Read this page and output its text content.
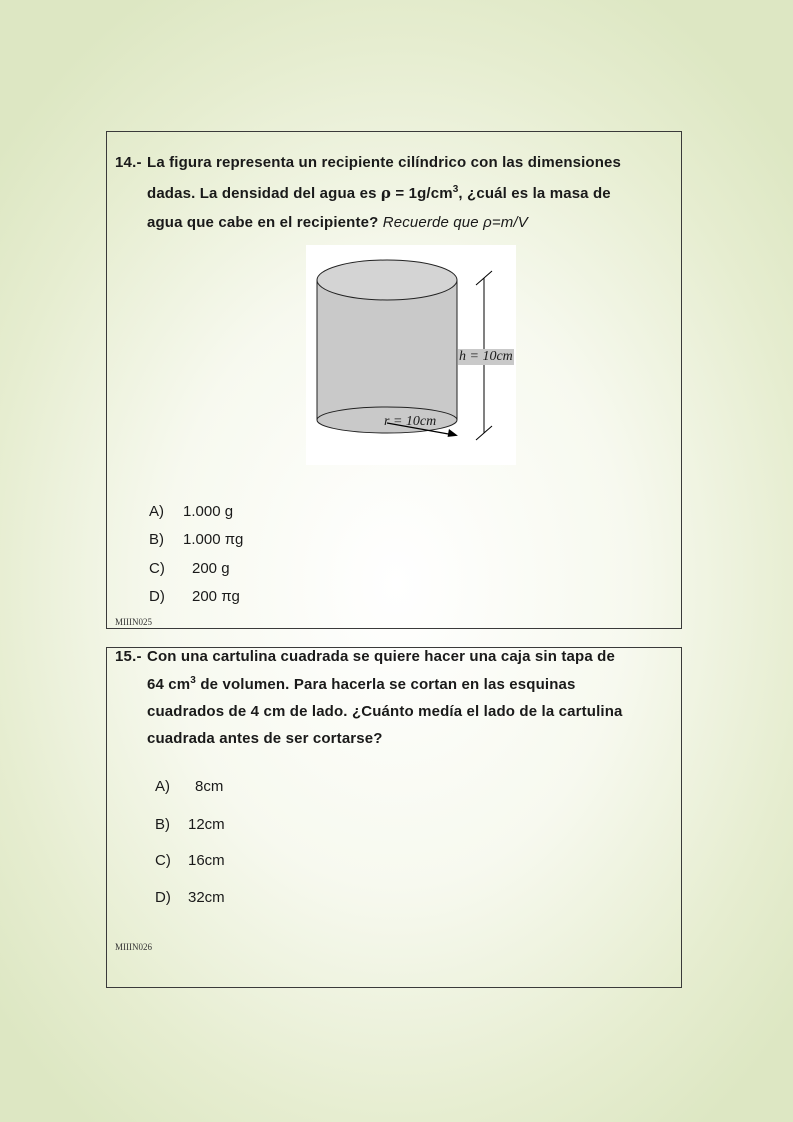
14.- La figura representa un recipiente cilíndrico con las dimensiones
dadas. La densidad del agua es $\rho = 1g/cm^3$, ¿cuál es la masa de
agua que cabe en el recipiente? Recuerde que ρ=m/V
A) 1.000 g
B) 1.000 πg
C) 200 g
D) 200 πg
MIIIN025
h = 10cm
r = 10cm
15.- Con una cartulina cuadrada se quiere hacer una caja sin tapa de
64 $cm^3$ de volumen. Para hacerla se cortan en las esquinas
cuadrados de 4 cm de lado. ¿Cuánto medía el lado de la cartulina
cuadrada antes de ser cortarse?
A) 8cm
B) 12cm
C) 16cm
D) 32cm
MIIIN026
